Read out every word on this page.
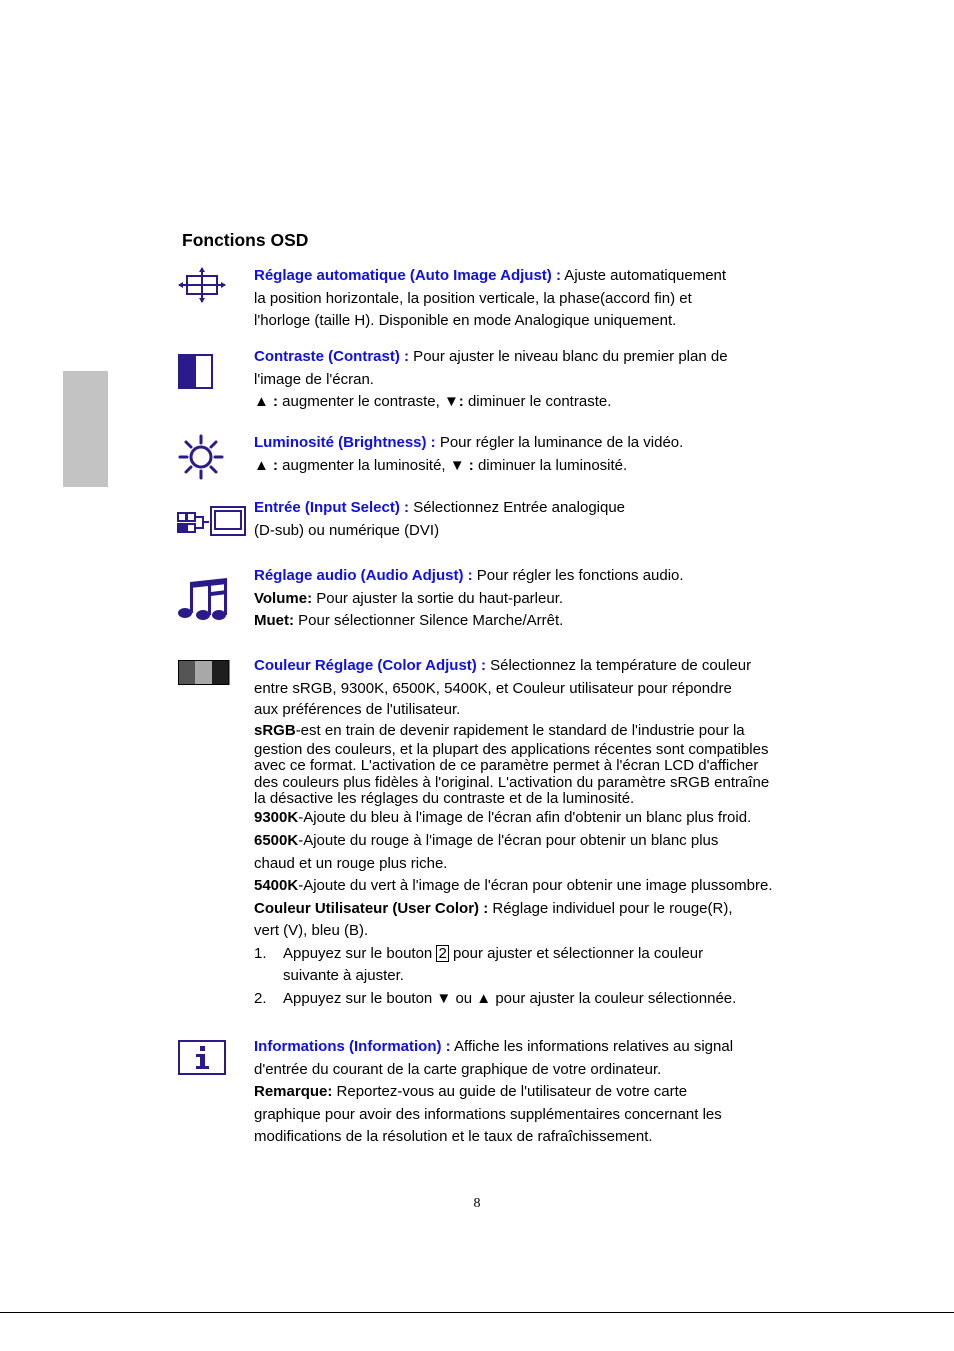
Fonctions OSD
Réglage automatique (Auto Image Adjust) : Ajuste automatiquement
la position horizontale, la position verticale, la phase(accord fin) et
l'horloge (taille H). Disponible en mode Analogique uniquement.
Contraste (Contrast) : Pour ajuster le niveau blanc du premier plan de
l'image de l'écran.
▲ : augmenter le contraste, ▼: diminuer le contraste.
Luminosité (Brightness) : Pour régler la luminance de la vidéo.
▲ : augmenter la luminosité, ▼ : diminuer la luminosité.
Entrée (Input Select) : Sélectionnez Entrée analogique
(D-sub) ou numérique (DVI)
Réglage audio (Audio Adjust) : Pour régler les fonctions audio.
Volume: Pour ajuster la sortie du haut-parleur.
Muet: Pour sélectionner Silence Marche/Arrêt.
Couleur Réglage (Color Adjust) : Sélectionnez la température de couleur
entre sRGB, 9300K, 6500K, 5400K, et Couleur utilisateur pour répondre
aux préférences de l'utilisateur.
sRGB-est en train de devenir rapidement le standard de l'industrie pour la
gestion des couleurs, et la plupart des applications récentes sont compatibles
avec ce format. L'activation de ce paramètre permet à l'écran LCD d'afficher
des couleurs plus fidèles à l'original. L'activation du paramètre sRGB entraîne
la désactive les réglages du contraste et de la luminosité.
9300K-Ajoute du bleu à l'image de l'écran afin d'obtenir un blanc plus froid.
6500K-Ajoute du rouge à l'image de l'écran pour obtenir un blanc plus
chaud et un rouge plus riche.
5400K-Ajoute du vert à l'image de l'écran pour obtenir une image plussombre.
Couleur Utilisateur (User Color) : Réglage individuel pour le rouge(R),
vert (V), bleu (B).
1. Appuyez sur le bouton 2 pour ajuster et sélectionner la couleur
suivante à ajuster.
2. Appuyez sur le bouton ▼ ou ▲ pour ajuster la couleur sélectionnée.
Informations (Information) : Affiche les informations relatives au signal
d'entrée du courant de la carte graphique de votre ordinateur.
Remarque: Reportez-vous au guide de l'utilisateur de votre carte
graphique pour avoir des informations supplémentaires concernant les
modifications de la résolution et le taux de rafraîchissement.
8
